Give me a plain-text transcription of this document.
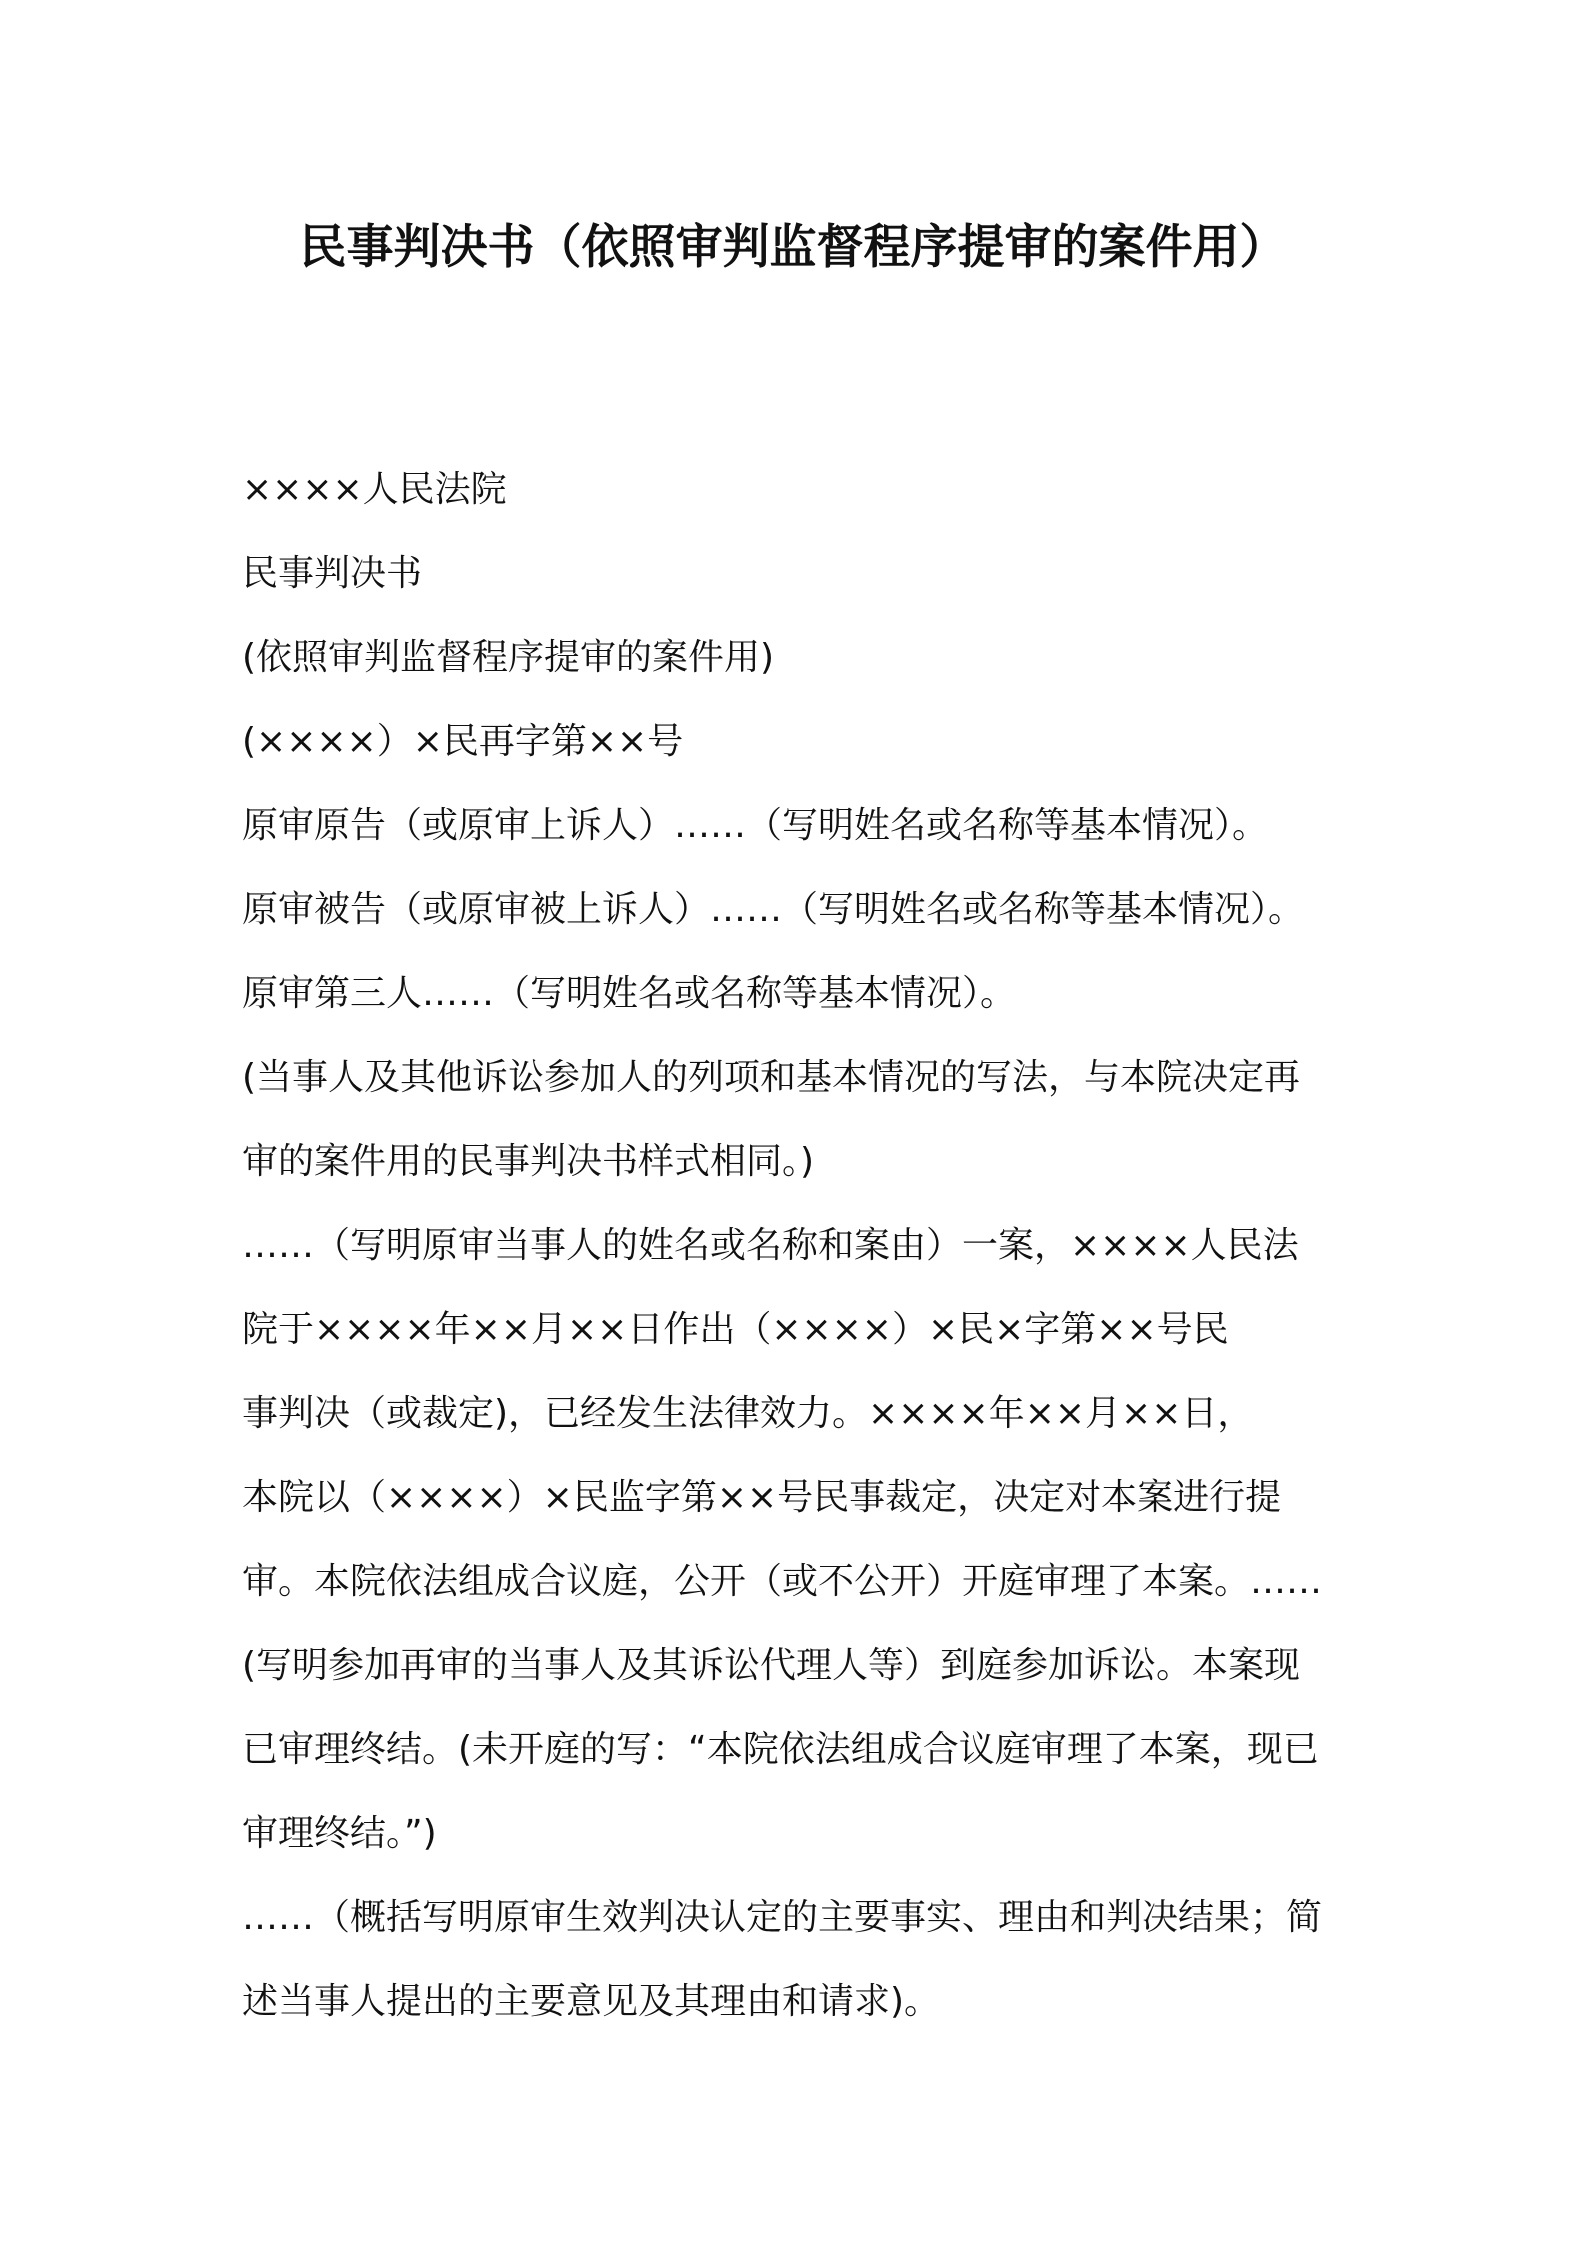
民事判决书（依照审判监督程序提审的案件用）
××××人民法院
民事判决书
(依照审判监督程序提审的案件用)
(××××）×民再字第××号
原审原告（或原审上诉人）……（写明姓名或名称等基本情况）。
原审被告（或原审被上诉人）……（写明姓名或名称等基本情况）。
原审第三人……（写明姓名或名称等基本情况）。
(当事人及其他诉讼参加人的列项和基本情况的写法，与本院决定再
审的案件用的民事判决书样式相同。)
……（写明原审当事人的姓名或名称和案由）一案，××××人民法
院于××××年××月××日作出（××××）×民×字第××号民
事判决（或裁定)，已经发生法律效力。××××年××月××日，
本院以（××××）×民监字第××号民事裁定，决定对本案进行提
审。本院依法组成合议庭，公开（或不公开）开庭审理了本案。……
(写明参加再审的当事人及其诉讼代理人等）到庭参加诉讼。本案现
已审理终结。(未开庭的写：“本院依法组成合议庭审理了本案，现已
审理终结。”)
……（概括写明原审生效判决认定的主要事实、理由和判决结果；简
述当事人提出的主要意见及其理由和请求)。
